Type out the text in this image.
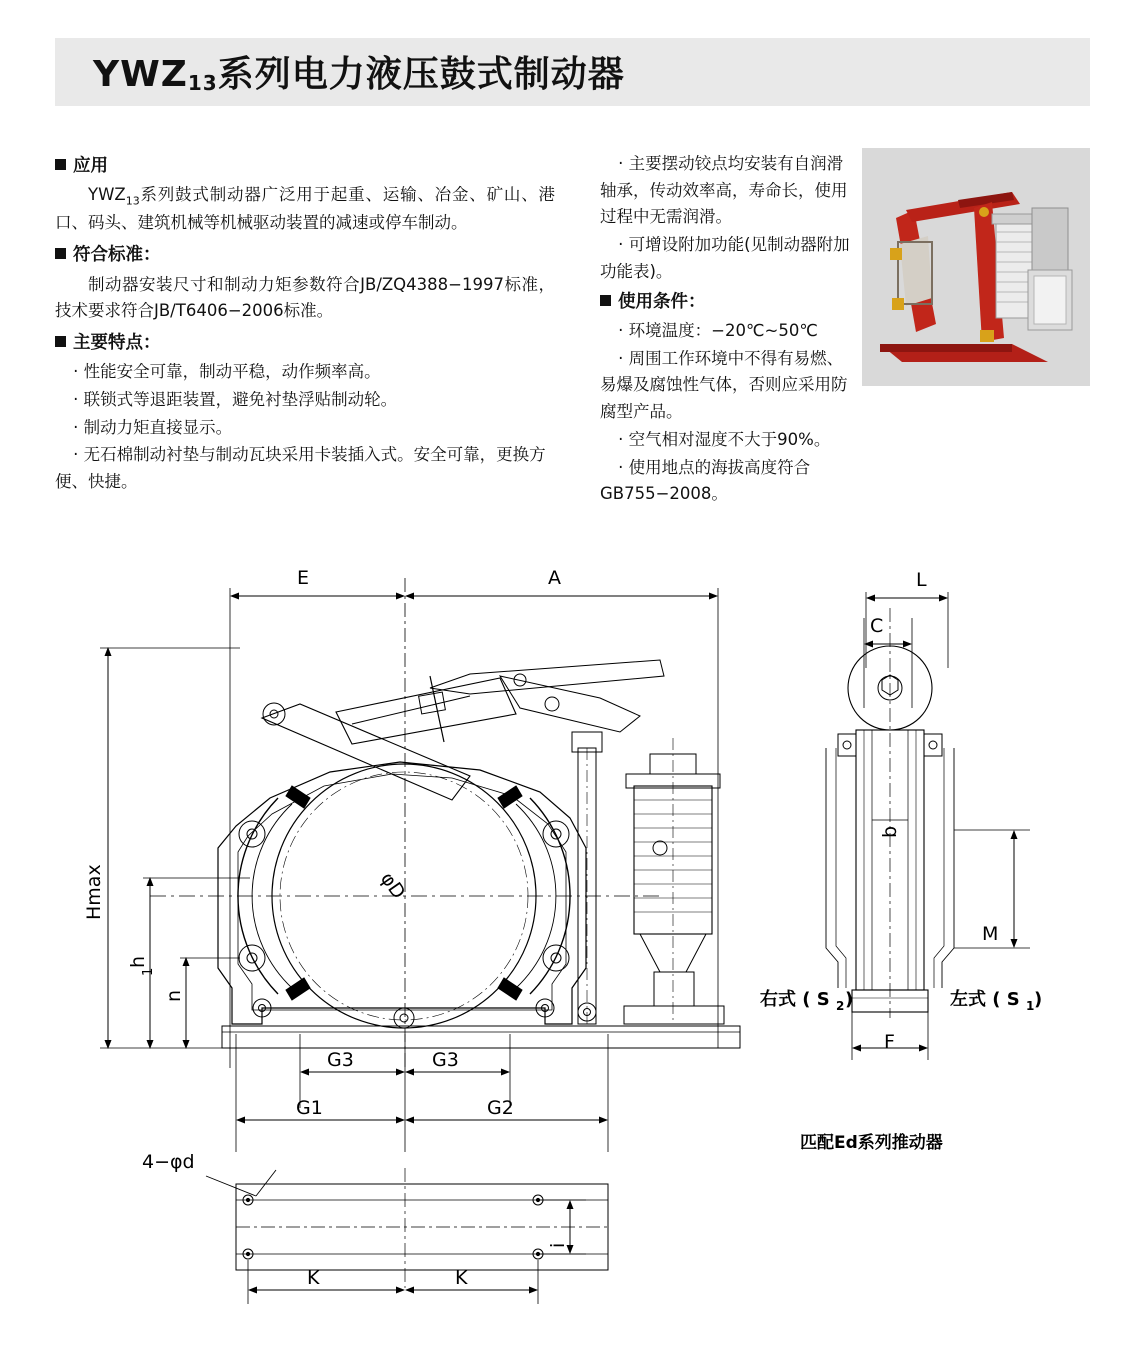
$YWZ_{13}$系列电力液压鼓式制动器
应用
$YWZ_{13}$系列鼓式制动器广泛用于起重、运输、冶金、矿山、港口、码头、建筑机械等机械驱动装置的减速或停车制动。
符合标准：
制动器安装尺寸和制动力矩参数符合JB/ZQ4388−1997标准，技术要求符合JB/T6406−2006标准。
主要特点：
· 性能安全可靠，制动平稳，动作频率高。
· 联锁式等退距装置，避免衬垫浮贴制动轮。
· 制动力矩直接显示。
· 无石棉制动衬垫与制动瓦块采用卡装插入式。安全可靠，更换方便、快捷。
· 主要摆动铰点均安装有自润滑轴承，传动效率高，寿命长，使用过程中无需润滑。
· 可增设附加功能(见制动器附加功能表)。
使用条件：
· 环境温度：−20℃~50℃
· 周围工作环境中不得有易燃、易爆及腐蚀性气体，否则应采用防腐型产品。
· 空气相对湿度不大于90%。
· 使用地点的海拔高度符合GB755−2008。
E	A	L
C
G3	G3
G1	G2
K	K
4−φd
F
M
Hmax
h
1
n
φD
b
i
右式 ( S 2 )	左式 ( S 1 )
匹配Ed系列推动器
